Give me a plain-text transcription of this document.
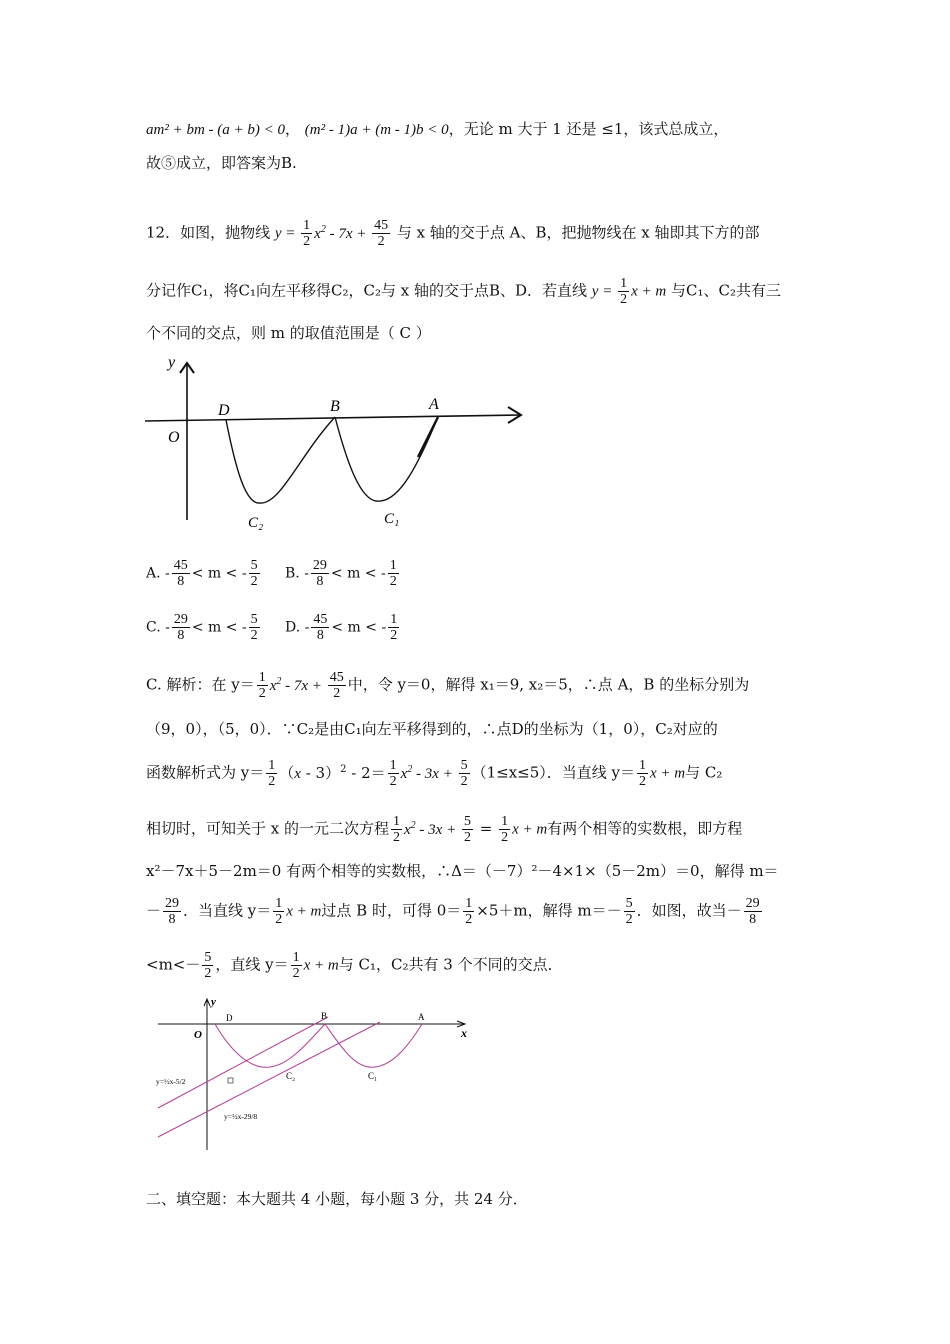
am² + bm - (a + b) < 0， (m² - 1)a + (m - 1)b < 0，无论 m 大于 1 还是 ≤1，该式总成立，
故⑤成立，即答案为B.
12．如图，抛物线 $y = \frac{1}{2} x^2 - 7x + \frac{45}{2}$ 与 x 轴的交于点 A、B，把抛物线在 x 轴即其下方的部
分记作C₁，将C₁向左平移得C₂，C₂与 x 轴的交于点B、D．若直线 $y = \frac{1}{2}$ x + m 与C₁、C₂共有三
个不同的交点，则 m 的取值范围是（ C ）
y
O
D	B	A
C₂	C₁
A. - $\frac{45}{8} < m$ < - $\frac{5}{2} B$. - $\frac{29}{8} < m$ < - $\frac{1}{2}$
C. - $\frac{29}{8} < m$ < - $\frac{5}{2} D$. - $\frac{45}{8} < m$ < - $\frac{1}{2}$
C. 解析：在 $y= \frac{1}{2} x^2 - 7x + \frac{45}{2}$ 中，令 y＝0，解得 x₁＝9, x₂＝5，∴点 A，B 的坐标分别为
（9，0），（5，0）．∵C₂是由C₁向左平移得到的，∴点D的坐标为（1，0），C₂对应的
函数解析式为 $y= \frac{1}{2} (x - 3)^2 - 2= \frac{1}{2} x^2 - 3x + \frac{5}{2} (1\le x\le 5)$．当直线 $y= \frac{1}{2}$ x + m与 C₂
相切时，可知关于 x 的一元二次方程 $\frac{1}{2} x^2 - 3x + \frac{5}{2} = \frac{1}{2}$ x + m有两个相等的实数根，即方程
x²－7x＋5－2m＝0 有两个相等的实数根，∴Δ＝（－7）²－4×1×（5－2m）＝0，解得 m＝
－ $\frac{29}{8}$ ．当直线 $y= \frac{1}{2}$ x + m过点 B 时，可得 $0= \frac{1}{2} \times 5+m$，解得 $m=- \frac{5}{2}$ ．如图，故当－ $\frac{29}{8}$
$<m<- \frac{5}{2}$ ，直线 $y= \frac{1}{2}$ x + m与 C₁，C₂共有 3 个不同的交点．
y
O
D	B	A
x
C₂	C₁
y=½x-5/2
y=½x-29/8
二、填空题：本大题共 4 小题，每小题 3 分，共 24 分．
